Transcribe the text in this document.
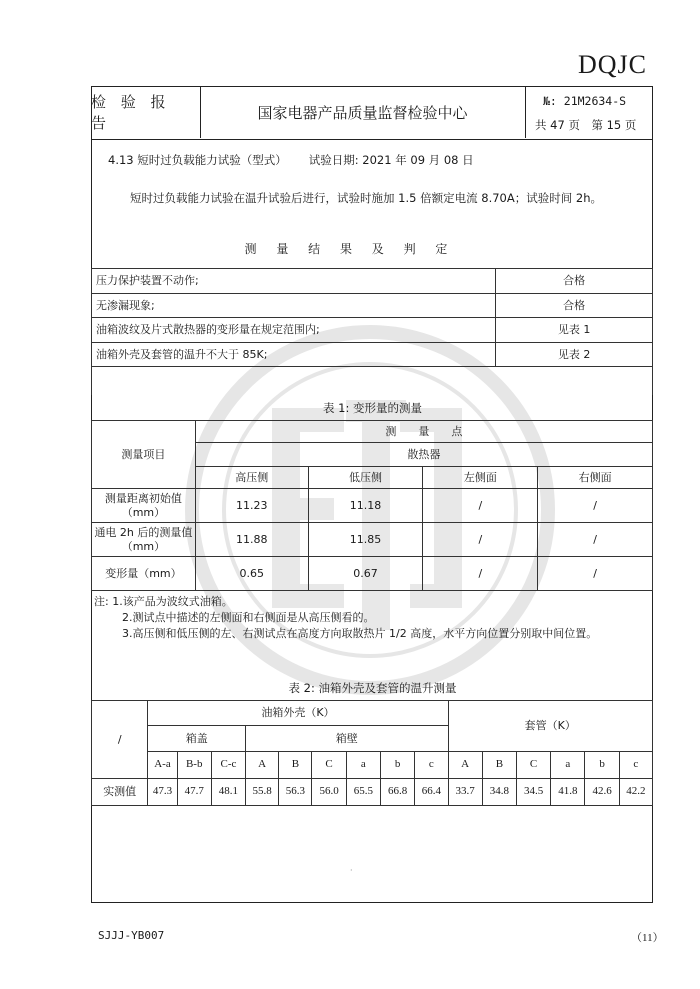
DQJC
检 验 报 告
国家电器产品质量监督检验中心
№: 21M2634-S
共 47 页　第 15 页
4.13 短时过负载能力试验（型式） 试验日期: 2021 年 09 月 08 日
短时过负载能力试验在温升试验后进行，试验时施加 1.5 倍额定电流 8.70A；试验时间 2h。
测 量 结 果 及 判 定
压力保护装置不动作;	合格
无渗漏现象;	合格
油箱波纹及片式散热器的变形量在规定范围内;	见表 1
油箱外壳及套管的温升不大于 85K;	见表 2

表 1: 变形量的测量
测量项目	测　　量　　点			
	散热器			
	高压侧	低压侧	左侧面	右侧面
测量距离初始值（mm）	11.23	11.18	/	/
通电 2h 后的测量值（mm）	11.88	11.85	/	/
变形量（mm）	0.65	0.67	/	/
注: 1.该产品为波纹式油箱。
2.测试点中描述的左侧面和右侧面是从高压侧看的。
3.高压侧和低压侧的左、右测试点在高度方向取散热片 1/2 高度，水平方向位置分别取中间位置。
表 2: 油箱外壳及套管的温升测量
/	油箱外壳（K）									套管（K）					
	箱盖			箱壁											
	A-a	B-b	C-c	A	B	C	a	b	c	A	B	C	a	b	c
实测值	47.3	47.7	48.1	55.8	56.3	56.0	65.5	66.8	66.4	33.7	34.8	34.5	41.8	42.6	42.2
·
SJJJ-YB007	（11）
